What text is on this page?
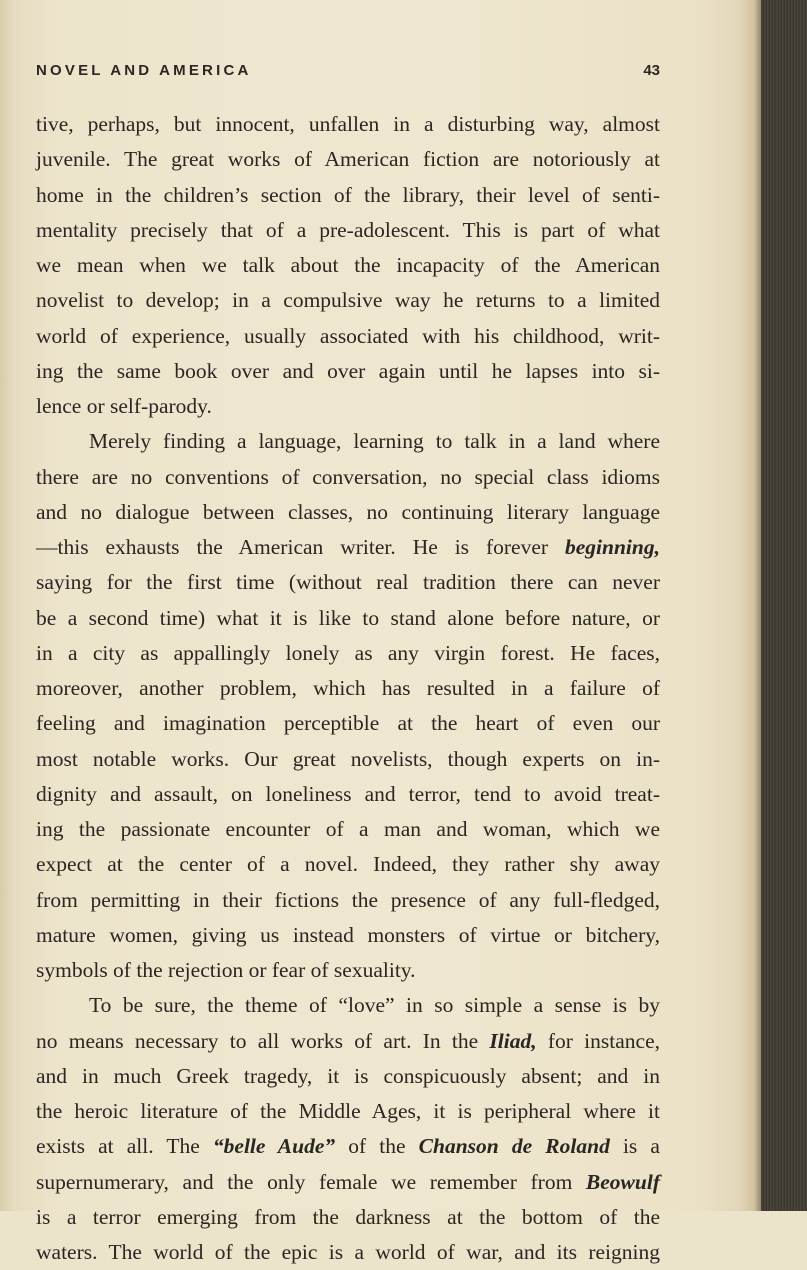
NOVEL AND AMERICA	43
tive, perhaps, but innocent, unfallen in a disturbing way, almost
juvenile. The great works of American fiction are notoriously at
home in the children’s section of the library, their level of senti-
mentality precisely that of a pre-adolescent. This is part of what
we mean when we talk about the incapacity of the American
novelist to develop; in a compulsive way he returns to a limited
world of experience, usually associated with his childhood, writ-
ing the same book over and over again until he lapses into si-
lence or self-parody.
Merely finding a language, learning to talk in a land where
there are no conventions of conversation, no special class idioms
and no dialogue between classes, no continuing literary language
—this exhausts the American writer. He is forever beginning,
saying for the first time (without real tradition there can never
be a second time) what it is like to stand alone before nature, or
in a city as appallingly lonely as any virgin forest. He faces,
moreover, another problem, which has resulted in a failure of
feeling and imagination perceptible at the heart of even our
most notable works. Our great novelists, though experts on in-
dignity and assault, on loneliness and terror, tend to avoid treat-
ing the passionate encounter of a man and woman, which we
expect at the center of a novel. Indeed, they rather shy away
from permitting in their fictions the presence of any full-fledged,
mature women, giving us instead monsters of virtue or bitchery,
symbols of the rejection or fear of sexuality.
To be sure, the theme of “love” in so simple a sense is by
no means necessary to all works of art. In the Iliad, for instance,
and in much Greek tragedy, it is conspicuously absent; and in
the heroic literature of the Middle Ages, it is peripheral where it
exists at all. The “belle Aude” of the Chanson de Roland is a
supernumerary, and the only female we remember from Beowulf
is a terror emerging from the darkness at the bottom of the
waters. The world of the epic is a world of war, and its reigning
